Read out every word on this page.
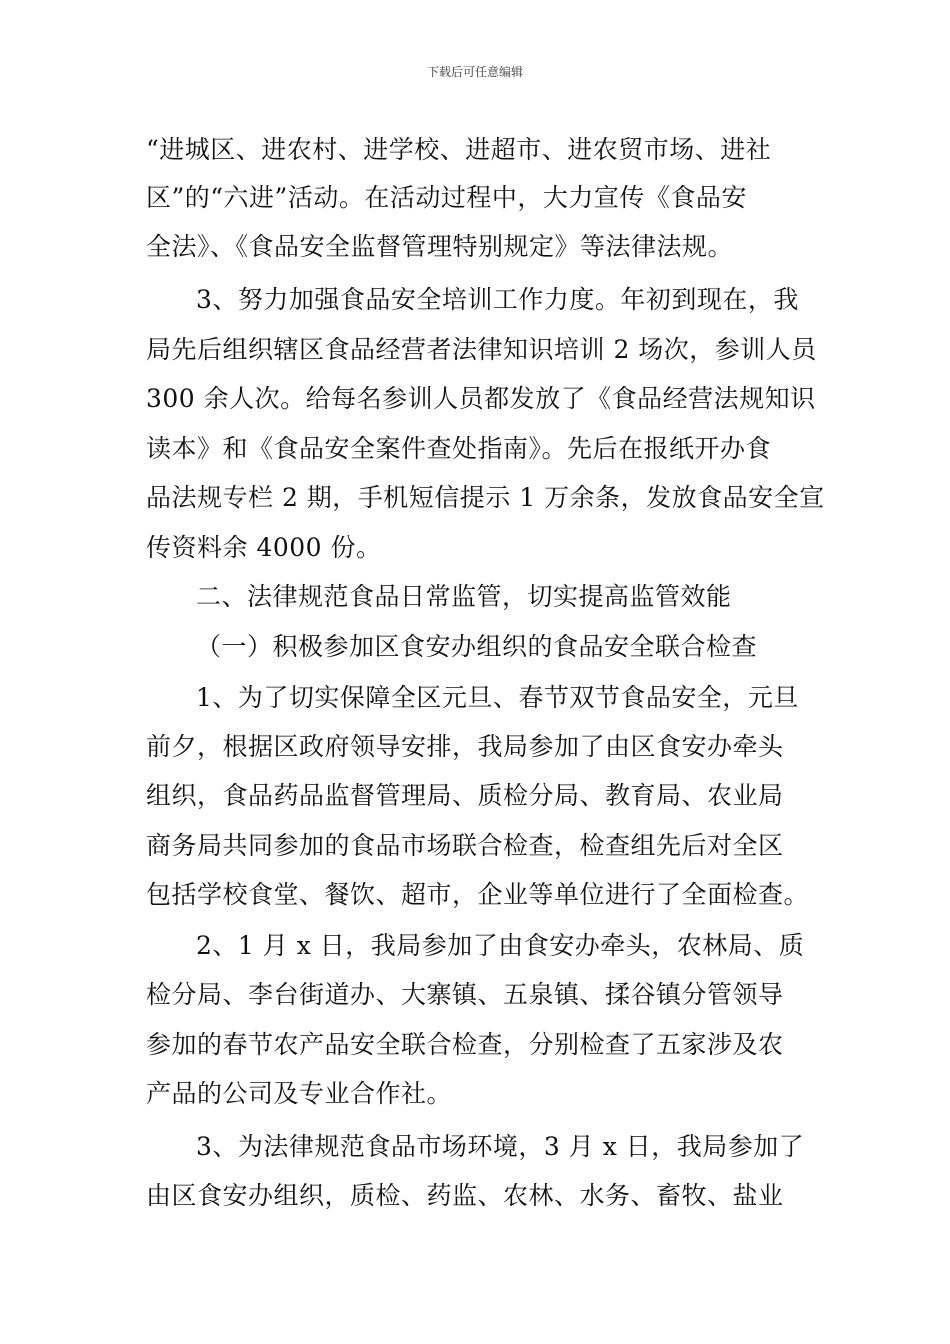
下载后可任意编辑
“进城区、进农村、进学校、进超市、进农贸市场、进社
区”的“六进”活动。在活动过程中，大力宣传《食品安
全法》、《食品安全监督管理特别规定》等法律法规。
3、努力加强食品安全培训工作力度。年初到现在，我
局先后组织辖区食品经营者法律知识培训 2 场次，参训人员
300 余人次。给每名参训人员都发放了《食品经营法规知识
读本》和《食品安全案件查处指南》。先后在报纸开办食
品法规专栏 2 期，手机短信提示 1 万余条，发放食品安全宣
传资料余 4000 份。
二、法律规范食品日常监管，切实提高监管效能
（一）积极参加区食安办组织的食品安全联合检查
1、为了切实保障全区元旦、春节双节食品安全，元旦
前夕，根据区政府领导安排，我局参加了由区食安办牵头
组织，食品药品监督管理局、质检分局、教育局、农业局
商务局共同参加的食品市场联合检查，检查组先后对全区
包括学校食堂、餐饮、超市，企业等单位进行了全面检查。
2、1 月 x 日，我局参加了由食安办牵头，农林局、质
检分局、李台街道办、大寨镇、五泉镇、揉谷镇分管领导
参加的春节农产品安全联合检查，分别检查了五家涉及农
产品的公司及专业合作社。
3、为法律规范食品市场环境，3 月 x 日，我局参加了
由区食安办组织，质检、药监、农林、水务、畜牧、盐业
